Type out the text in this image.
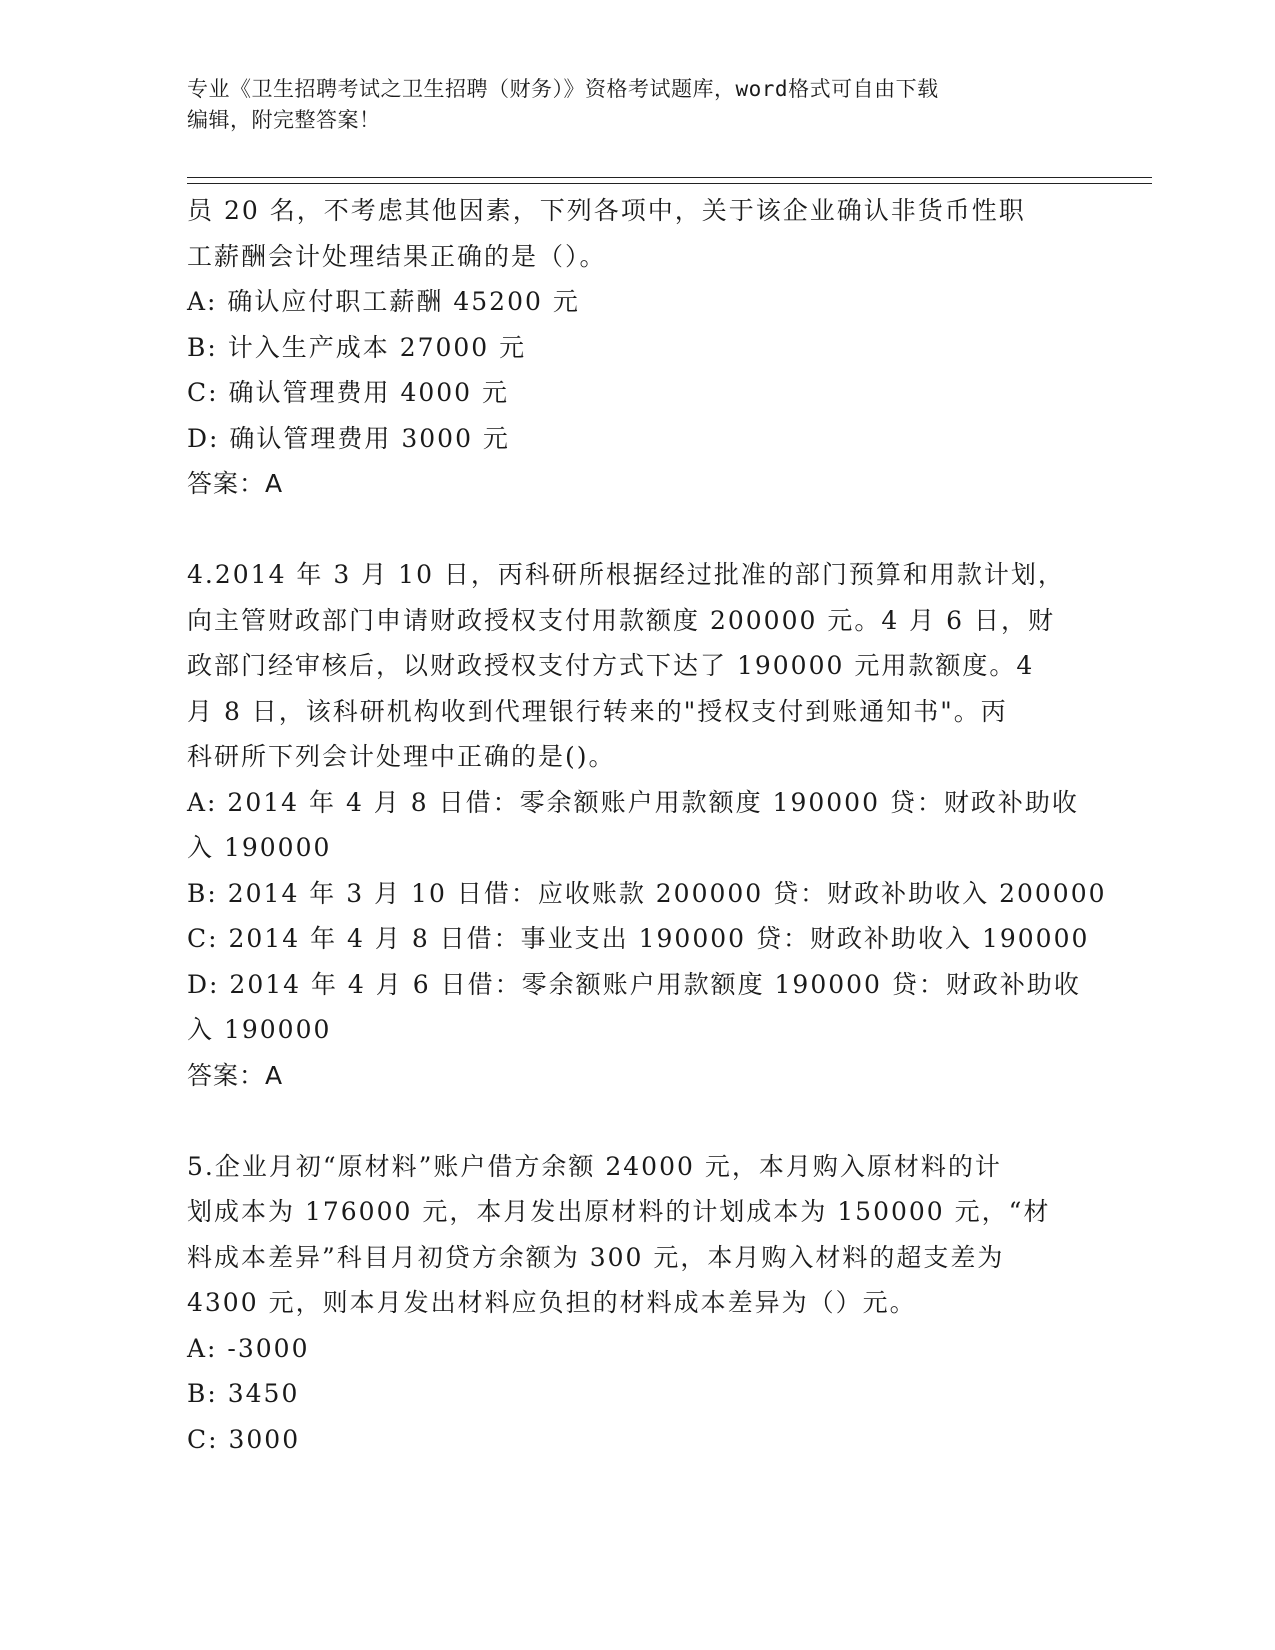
专业《卫生招聘考试之卫生招聘（财务）》资格考试题库，word格式可自由下载

编辑，附完整答案！

员 20 名，不考虑其他因素，下列各项中，关于该企业确认非货币性职

工薪酬会计处理结果正确的是（）。

A: 确认应付职工薪酬 45200 元

B: 计入生产成本 27000 元

C: 确认管理费用 4000 元

D: 确认管理费用 3000 元

答案：A

4.2014 年 3 月 10 日，丙科研所根据经过批准的部门预算和用款计划，

向主管财政部门申请财政授权支付用款额度 200000 元。4 月 6 日，财

政部门经审核后，以财政授权支付方式下达了 190000 元用款额度。4

月 8 日，该科研机构收到代理银行转来的"授权支付到账通知书"。丙

科研所下列会计处理中正确的是()。

A: 2014 年 4 月 8 日借：零余额账户用款额度 190000 贷：财政补助收

入 190000

B: 2014 年 3 月 10 日借：应收账款 200000 贷：财政补助收入 200000

C: 2014 年 4 月 8 日借：事业支出 190000 贷：财政补助收入 190000

D: 2014 年 4 月 6 日借：零余额账户用款额度 190000 贷：财政补助收

入 190000

答案：A

5.企业月初“原材料”账户借方余额 24000 元，本月购入原材料的计

划成本为 176000 元，本月发出原材料的计划成本为 150000 元，“材

料成本差异”科目月初贷方余额为 300 元，本月购入材料的超支差为

4300 元，则本月发出材料应负担的材料成本差异为（）元。

A: -3000

B: 3450

C: 3000
